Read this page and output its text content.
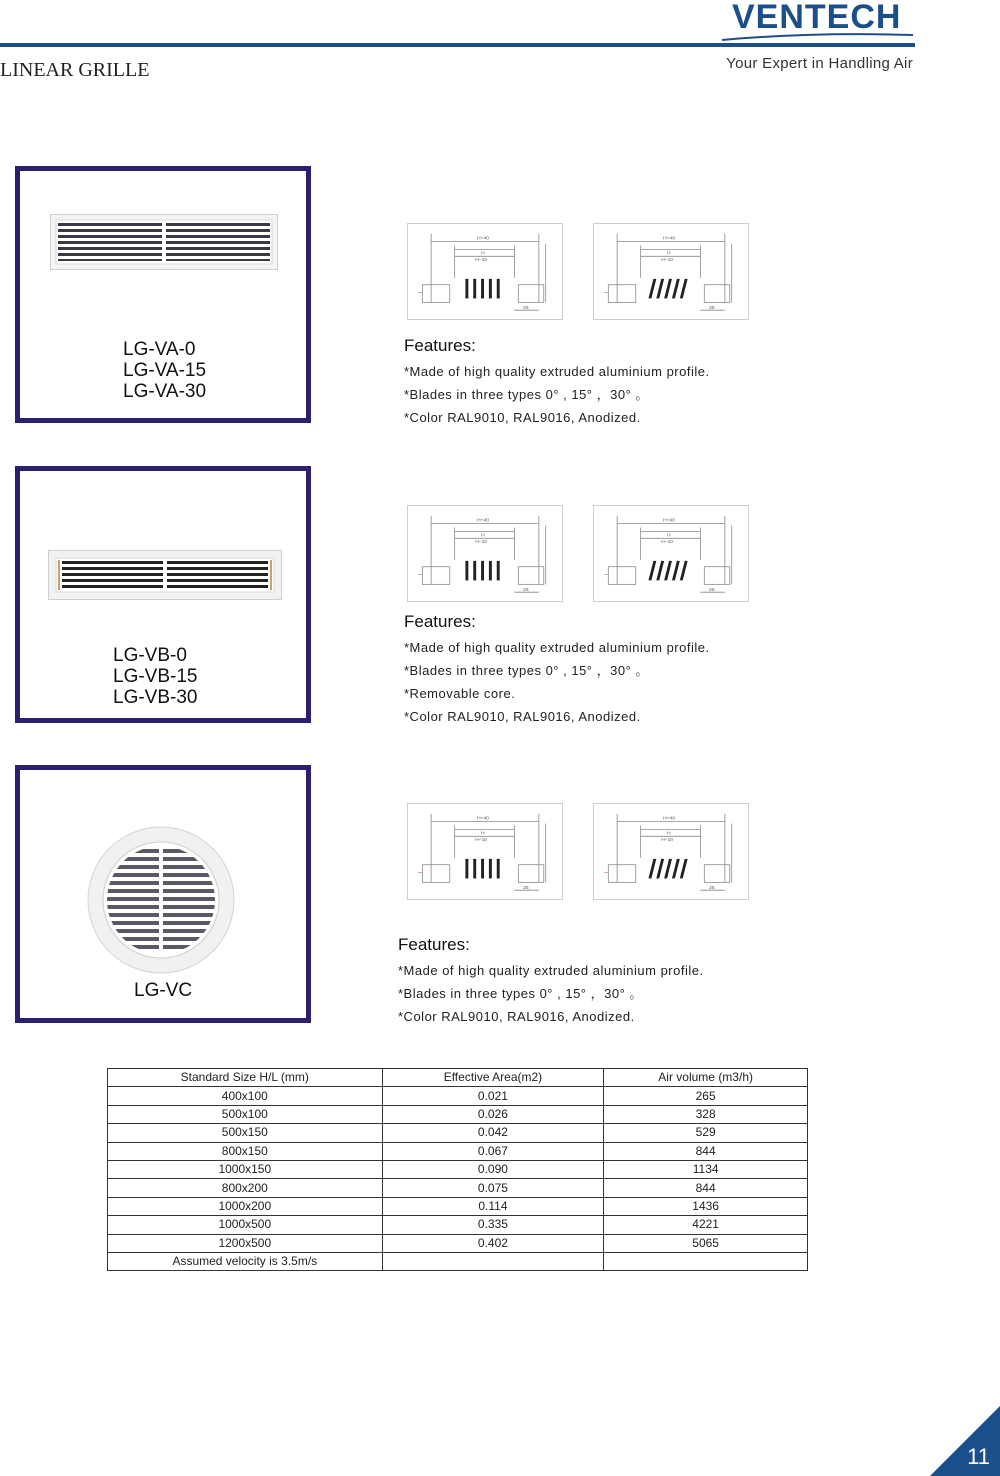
VENTECH
LINEAR GRILLE	Your Expert in Handling Air
LG-VA-0
LG-VA-15
LG-VA-30
H+40
H
H−10
25
H+40
H
H−10
25
Features:
*Made of high quality extruded aluminium profile.
*Blades in three types 0° , 15° ，30° 。
*Color RAL9010, RAL9016, Anodized.
LG-VB-0
LG-VB-15
LG-VB-30
H+40
H
H−10
25
H+40
H
H−10
25
Features:
*Made of high quality extruded aluminium profile.
*Blades in three types 0° , 15° ，30° 。
*Removable core.
*Color RAL9010, RAL9016, Anodized.
LG-VC
H+40
H
H−10
25
H+40
H
H−10
25
Features:
*Made of high quality extruded aluminium profile.
*Blades in three types 0° , 15° ，30° 。
*Color RAL9010, RAL9016, Anodized.
Standard Size H/L (mm)	Effective Area(m2)	Air volume (m3/h)
400x100	0.021	265
500x100	0.026	328
500x150	0.042	529
800x150	0.067	844
1000x150	0.090	1134
800x200	0.075	844
1000x200	0.114	1436
1000x500	0.335	4221
1200x500	0.402	5065
Assumed velocity is 3.5m/s		
11
